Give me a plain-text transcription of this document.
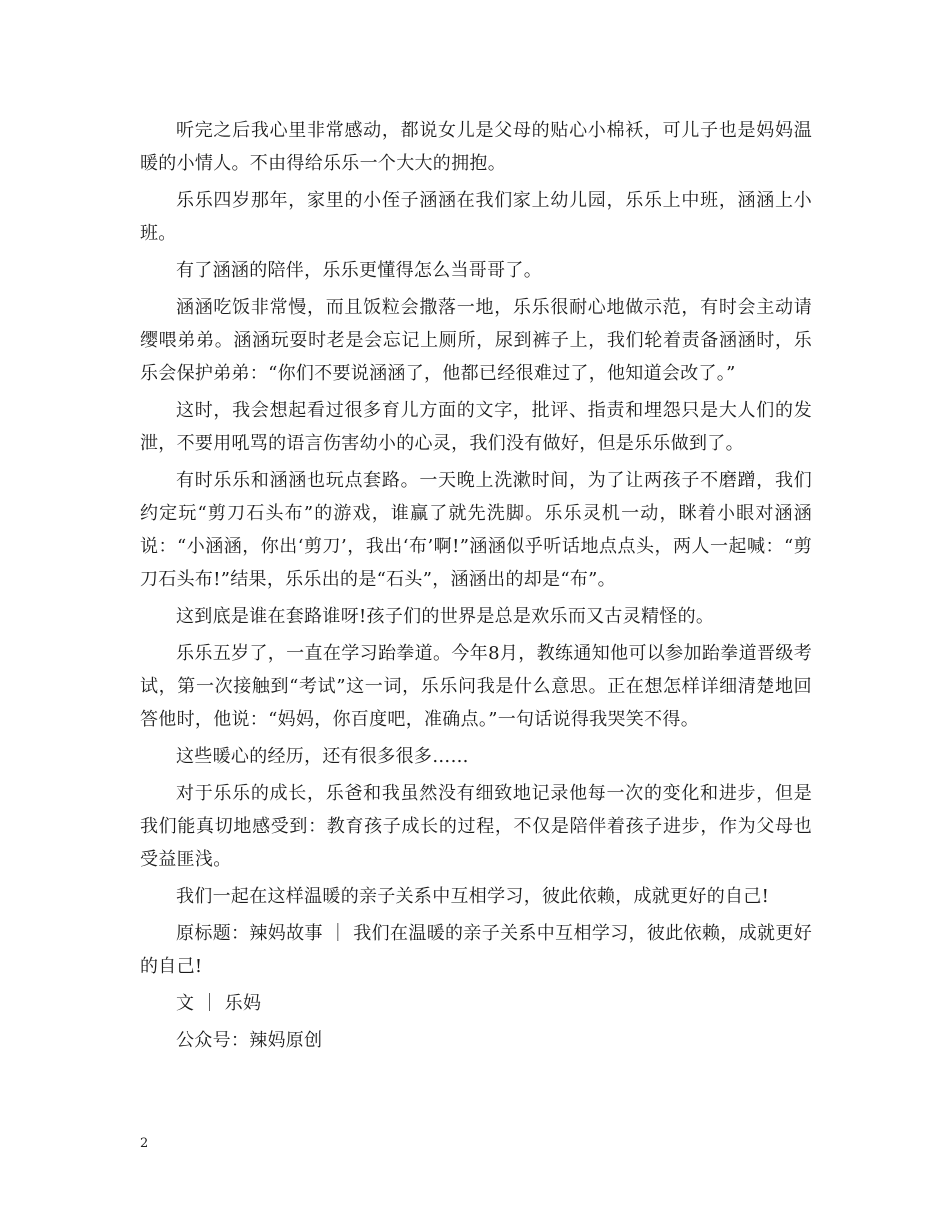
听完之后我心里非常感动，都说女儿是父母的贴心小棉袄，可儿子也是妈妈温暖的小情人。不由得给乐乐一个大大的拥抱。

乐乐四岁那年，家里的小侄子涵涵在我们家上幼儿园，乐乐上中班，涵涵上小班。

有了涵涵的陪伴，乐乐更懂得怎么当哥哥了。

涵涵吃饭非常慢，而且饭粒会撒落一地，乐乐很耐心地做示范，有时会主动请缨喂弟弟。涵涵玩耍时老是会忘记上厕所，尿到裤子上，我们轮着责备涵涵时，乐乐会保护弟弟：“你们不要说涵涵了，他都已经很难过了，他知道会改了。”

这时，我会想起看过很多育儿方面的文字，批评、指责和埋怨只是大人们的发泄，不要用吼骂的语言伤害幼小的心灵，我们没有做好，但是乐乐做到了。

有时乐乐和涵涵也玩点套路。一天晚上洗漱时间，为了让两孩子不磨蹭，我们约定玩“剪刀石头布”的游戏，谁赢了就先洗脚。乐乐灵机一动，眯着小眼对涵涵说：“小涵涵，你出‘剪刀’，我出‘布’啊!”涵涵似乎听话地点点头，两人一起喊：“剪刀石头布!”结果，乐乐出的是“石头”，涵涵出的却是“布”。

这到底是谁在套路谁呀!孩子们的世界是总是欢乐而又古灵精怪的。

乐乐五岁了，一直在学习跆拳道。今年8月，教练通知他可以参加跆拳道晋级考试，第一次接触到“考试”这一词，乐乐问我是什么意思。正在想怎样详细清楚地回答他时，他说：“妈妈，你百度吧，准确点。”一句话说得我哭笑不得。

这些暖心的经历，还有很多很多……

对于乐乐的成长，乐爸和我虽然没有细致地记录他每一次的变化和进步，但是我们能真切地感受到：教育孩子成长的过程，不仅是陪伴着孩子进步，作为父母也受益匪浅。

我们一起在这样温暖的亲子关系中互相学习，彼此依赖，成就更好的自己!

原标题：辣妈故事 ｜ 我们在温暖的亲子关系中互相学习，彼此依赖，成就更好的自己!

文 ｜ 乐妈

公众号：辣妈原创

2
